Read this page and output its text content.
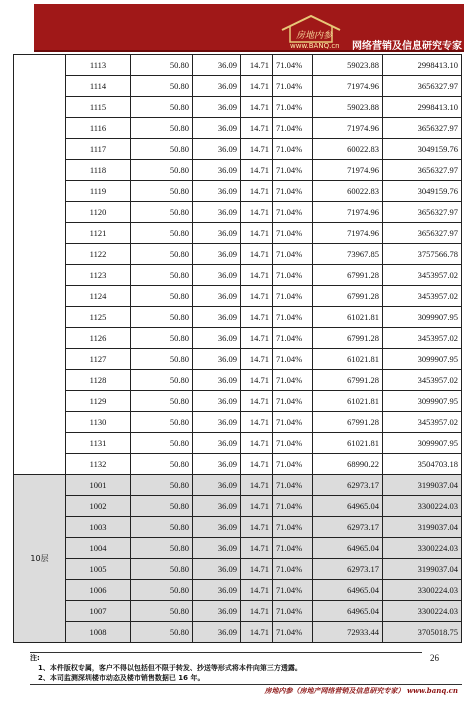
房地内参
www.BANQ.cn 网络营销及信息研究专家
	1113	50.80	36.09	14.71	71.04%	59023.88	2998413.10
	1114	50.80	36.09	14.71	71.04%	71974.96	3656327.97
	1115	50.80	36.09	14.71	71.04%	59023.88	2998413.10
	1116	50.80	36.09	14.71	71.04%	71974.96	3656327.97
	1117	50.80	36.09	14.71	71.04%	60022.83	3049159.76
	1118	50.80	36.09	14.71	71.04%	71974.96	3656327.97
	1119	50.80	36.09	14.71	71.04%	60022.83	3049159.76
	1120	50.80	36.09	14.71	71.04%	71974.96	3656327.97
	1121	50.80	36.09	14.71	71.04%	71974.96	3656327.97
	1122	50.80	36.09	14.71	71.04%	73967.85	3757566.78
	1123	50.80	36.09	14.71	71.04%	67991.28	3453957.02
	1124	50.80	36.09	14.71	71.04%	67991.28	3453957.02
	1125	50.80	36.09	14.71	71.04%	61021.81	3099907.95
	1126	50.80	36.09	14.71	71.04%	67991.28	3453957.02
	1127	50.80	36.09	14.71	71.04%	61021.81	3099907.95
	1128	50.80	36.09	14.71	71.04%	67991.28	3453957.02
	1129	50.80	36.09	14.71	71.04%	61021.81	3099907.95
	1130	50.80	36.09	14.71	71.04%	67991.28	3453957.02
	1131	50.80	36.09	14.71	71.04%	61021.81	3099907.95
	1132	50.80	36.09	14.71	71.04%	68990.22	3504703.18
10层	1001	50.80	36.09	14.71	71.04%	62973.17	3199037.04
	1002	50.80	36.09	14.71	71.04%	64965.04	3300224.03
	1003	50.80	36.09	14.71	71.04%	62973.17	3199037.04
	1004	50.80	36.09	14.71	71.04%	64965.04	3300224.03
	1005	50.80	36.09	14.71	71.04%	62973.17	3199037.04
	1006	50.80	36.09	14.71	71.04%	64965.04	3300224.03
	1007	50.80	36.09	14.71	71.04%	64965.04	3300224.03
	1008	50.80	36.09	14.71	71.04%	72933.44	3705018.75
注:
1、本件版权专属，客户不得以包括但不限于转发、抄送等形式将本件向第三方透露。
2、本司监测深圳楼市动态及楼市销售数据已 16 年。
26
房地内参（房地产网络营销及信息研究专家） www.banq.cn
